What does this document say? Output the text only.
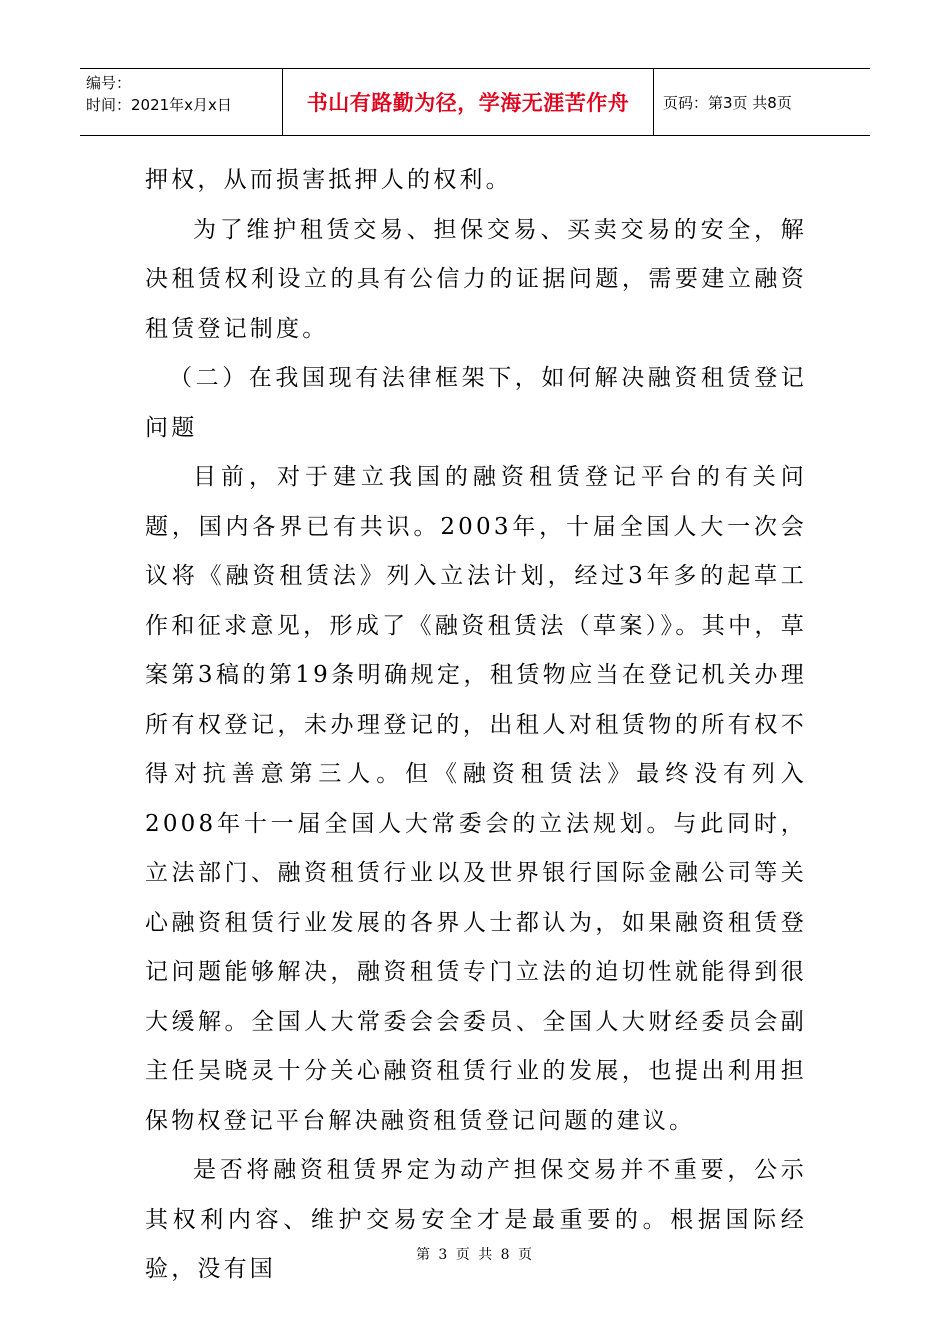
编号：
时间：2021年x月x日	书山有路勤为径，学海无涯苦作舟	页码：第3页 共8页

押权，从而损害抵押人的权利。

为了维护租赁交易、担保交易、买卖交易的安全，解决租赁权利设立的具有公信力的证据问题，需要建立融资租赁登记制度。

（二）在我国现有法律框架下，如何解决融资租赁登记问题

目前，对于建立我国的融资租赁登记平台的有关问题，国内各界已有共识。2003年，十届全国人大一次会议将《融资租赁法》列入立法计划，经过3年多的起草工作和征求意见，形成了《融资租赁法（草案）》。其中，草案第3稿的第19条明确规定，租赁物应当在登记机关办理所有权登记，未办理登记的，出租人对租赁物的所有权不得对抗善意第三人。但《融资租赁法》最终没有列入2008年十一届全国人大常委会的立法规划。与此同时，立法部门、融资租赁行业以及世界银行国际金融公司等关心融资租赁行业发展的各界人士都认为，如果融资租赁登记问题能够解决，融资租赁专门立法的迫切性就能得到很大缓解。全国人大常委会会委员、全国人大财经委员会副主任吴晓灵十分关心融资租赁行业的发展，也提出利用担保物权登记平台解决融资租赁登记问题的建议。

是否将融资租赁界定为动产担保交易并不重要，公示其权利内容、维护交易安全才是最重要的。根据国际经验，没有国

第 3 页 共 8 页
